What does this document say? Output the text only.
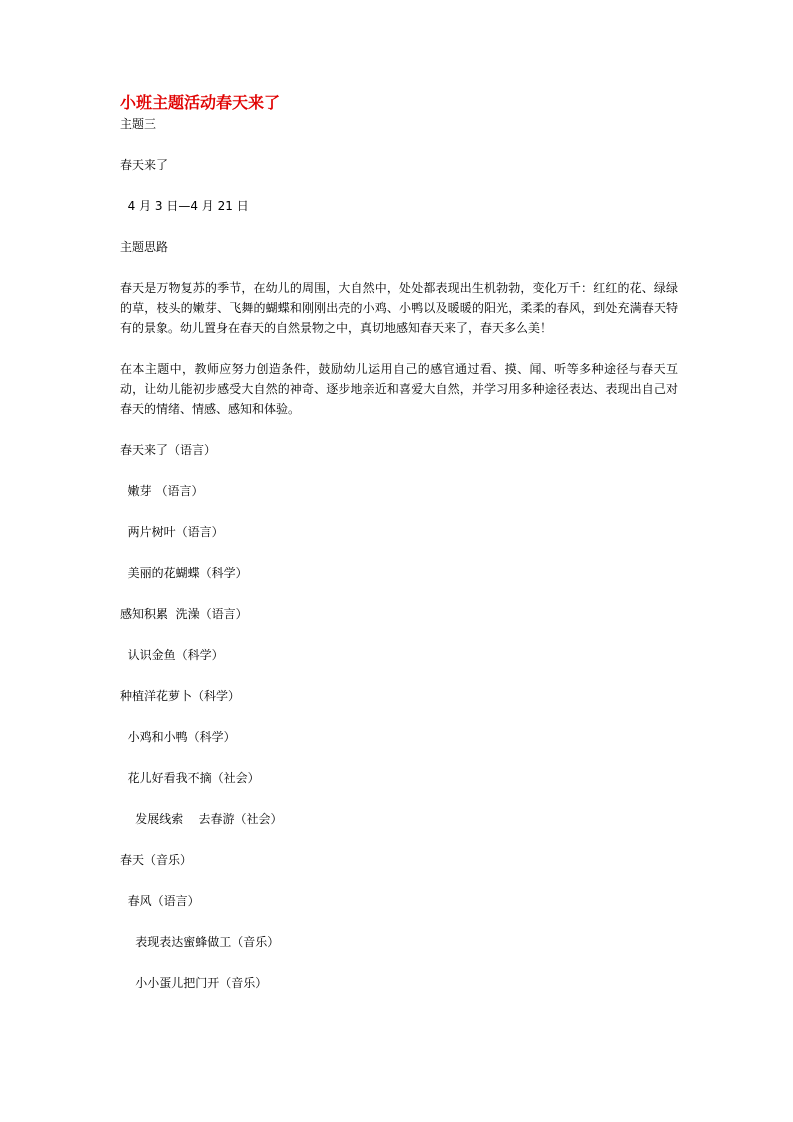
小班主题活动春天来了

主题三

春天来了

4 月 3 日—4 月 21 日

主题思路

春天是万物复苏的季节，在幼儿的周围，大自然中，处处都表现出生机勃勃，变化万千：红红的花、绿绿的草，枝头的嫩芽、飞舞的蝴蝶和刚刚出壳的小鸡、小鸭以及暖暖的阳光，柔柔的春风，到处充满春天特有的景象。幼儿置身在春天的自然景物之中，真切地感知春天来了，春天多么美！

在本主题中，教师应努力创造条件，鼓励幼儿运用自己的感官通过看、摸、闻、听等多种途径与春天互动，让幼儿能初步感受大自然的神奇、逐步地亲近和喜爱大自然，并学习用多种途径表达、表现出自己对春天的情绪、情感、感知和体验。

春天来了（语言）

嫩芽 （语言）

两片树叶（语言）

美丽的花蝴蝶（科学）

感知积累  洗澡（语言）

认识金鱼（科学）

种植洋花萝卜（科学）

小鸡和小鸭（科学）

花儿好看我不摘（社会）

发展线索    去春游（社会）

春天（音乐）

春风（语言）

表现表达蜜蜂做工（音乐）

小小蛋儿把门开（音乐）
